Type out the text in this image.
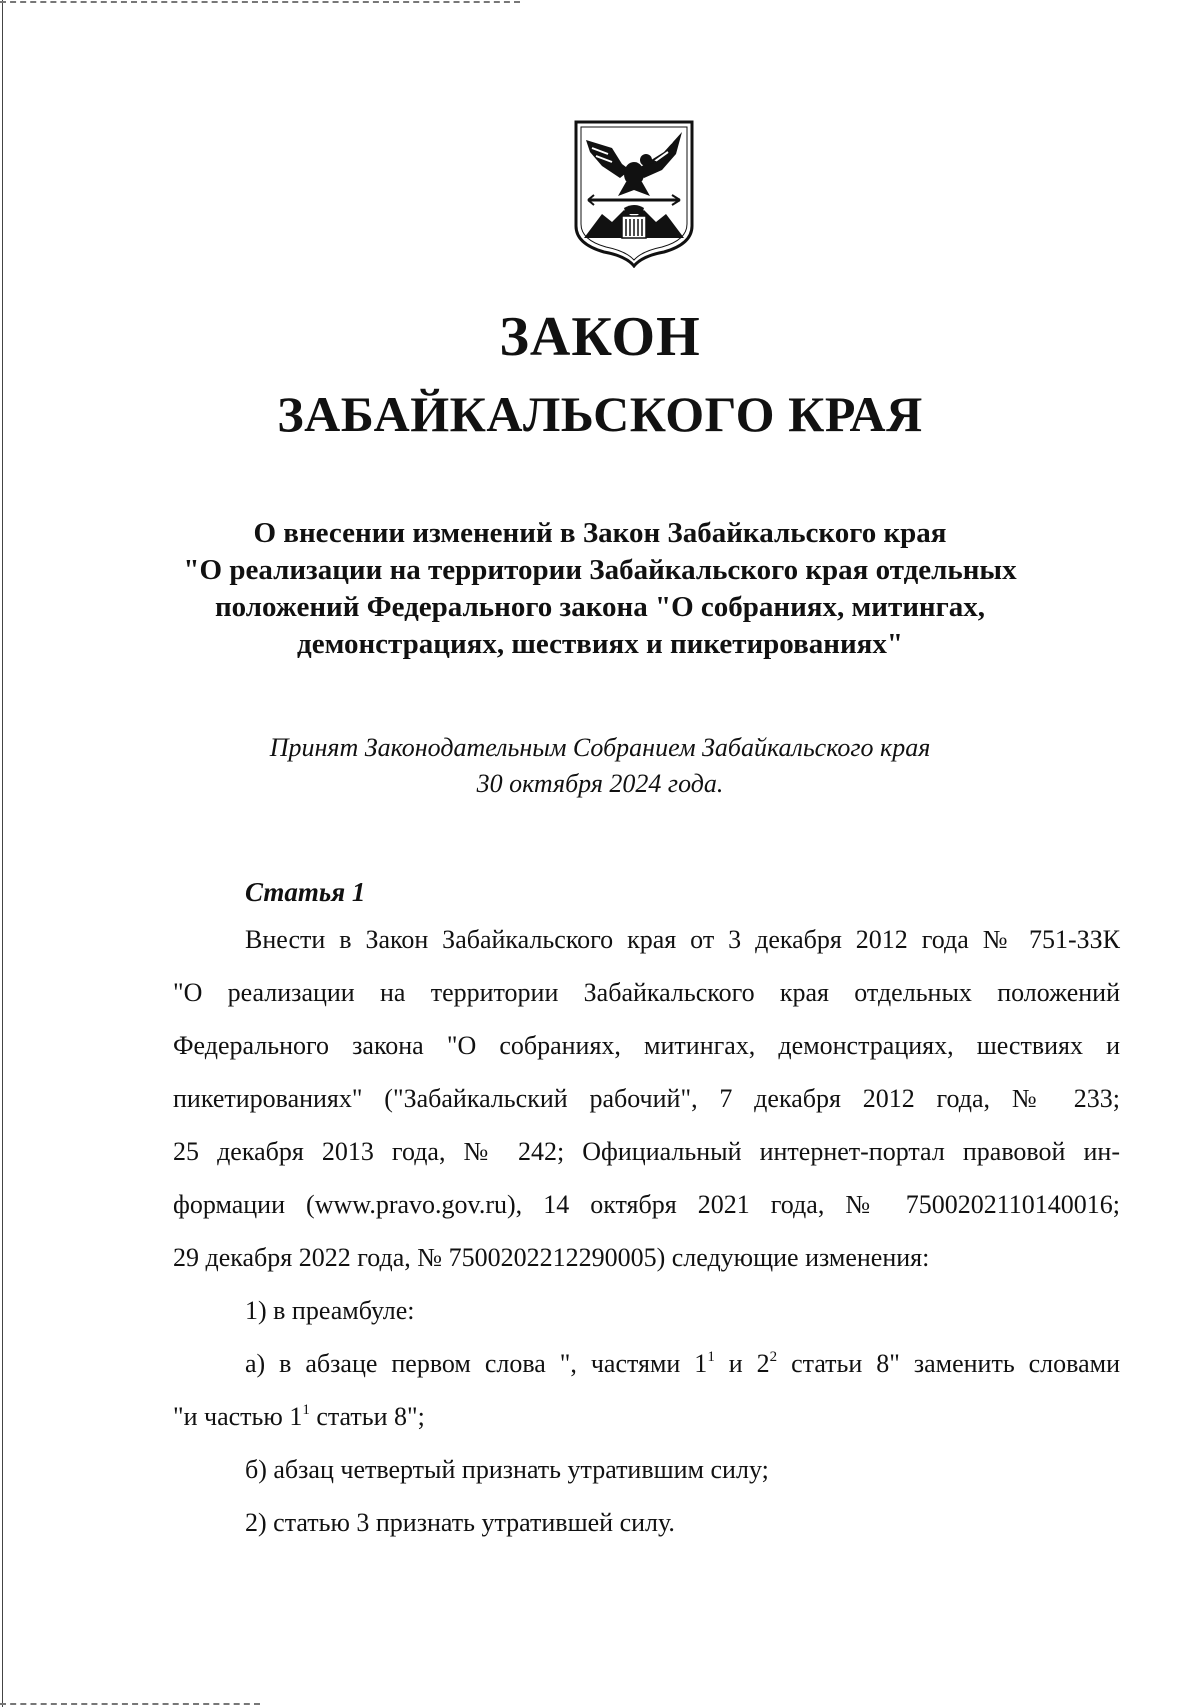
ЗАКОН
ЗАБАЙКАЛЬСКОГО КРАЯ
О внесении изменений в Закон Забайкальского края
"О реализации на территории Забайкальского края отдельных
положений Федерального закона "О собраниях, митингах,
демонстрациях, шествиях и пикетированиях"
Принят Законодательным Собранием Забайкальского края
30 октября 2024 года.
Статья 1
Внести в Закон Забайкальского края от 3 декабря 2012 года № 751-ЗЗК
"О реализации на территории Забайкальского края отдельных положений
Федерального закона "О собраниях, митингах, демонстрациях, шествиях и
пикетированиях" ("Забайкальский рабочий", 7 декабря 2012 года, № 233;
25 декабря 2013 года, № 242; Официальный интернет-портал правовой ин-
формации (www.pravo.gov.ru), 14 октября 2021 года, № 7500202110140016;
29 декабря 2022 года, № 7500202212290005) следующие изменения:
1) в преамбуле:
а) в абзаце первом слова ", частями $1^1$ и $2^2$ статьи 8" заменить словами
"и частью $1^1$ статьи 8";
б) абзац четвертый признать утратившим силу;
2) статью 3 признать утратившей силу.
